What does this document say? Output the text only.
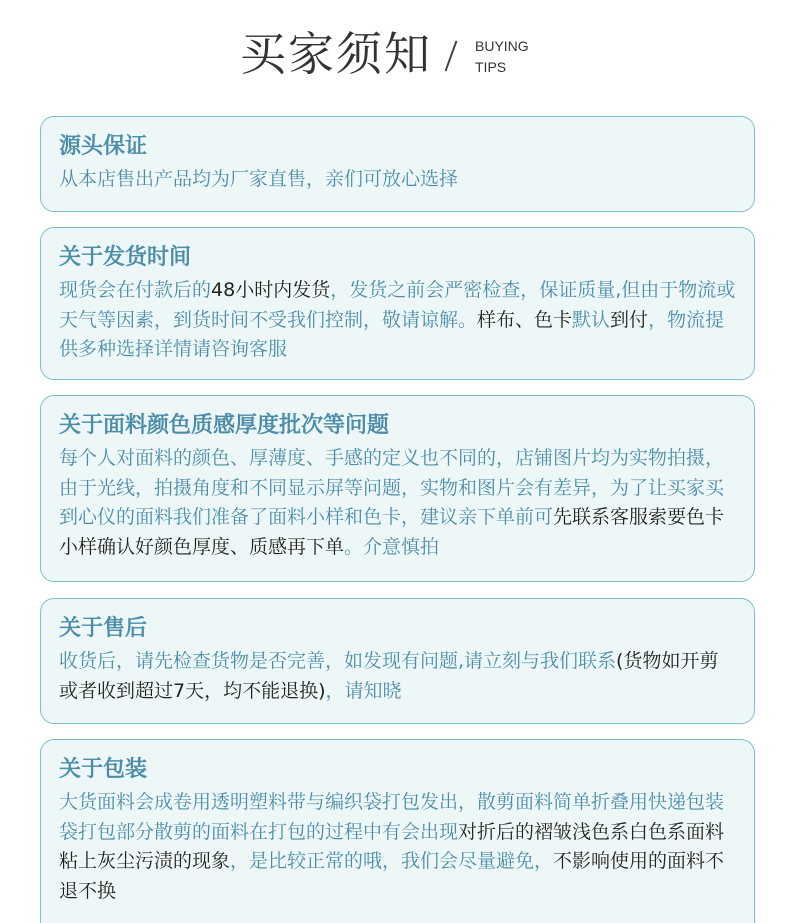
买家须知	BUYING
TIPS
源头保证
从本店售出产品均为厂家直售，亲们可放心选择
关于发货时间
现货会在付款后的48小时内发货，发货之前会严密检查，保证质量,但由于物流或天气等因素，到货时间不受我们控制，敬请谅解。样布、色卡默认到付，物流提供多种选择详情请咨询客服
关于面料颜色质感厚度批次等问题
每个人对面料的颜色、厚薄度、手感的定义也不同的，店铺图片均为实物拍摄，由于光线，拍摄角度和不同显示屏等问题，实物和图片会有差异，为了让买家买到心仪的面料我们准备了面料小样和色卡，建议亲下单前可先联系客服索要色卡小样确认好颜色厚度、质感再下单。介意慎拍
关于售后
收货后，请先检查货物是否完善，如发现有问题,请立刻与我们联系(货物如开剪或者收到超过7天，均不能退换)，请知晓
关于包装
大货面料会成卷用透明塑料带与编织袋打包发出，散剪面料简单折叠用快递包装袋打包部分散剪的面料在打包的过程中有会出现对折后的褶皱浅色系白色系面料粘上灰尘污渍的现象，是比较正常的哦，我们会尽量避免，不影响使用的面料不退不换
